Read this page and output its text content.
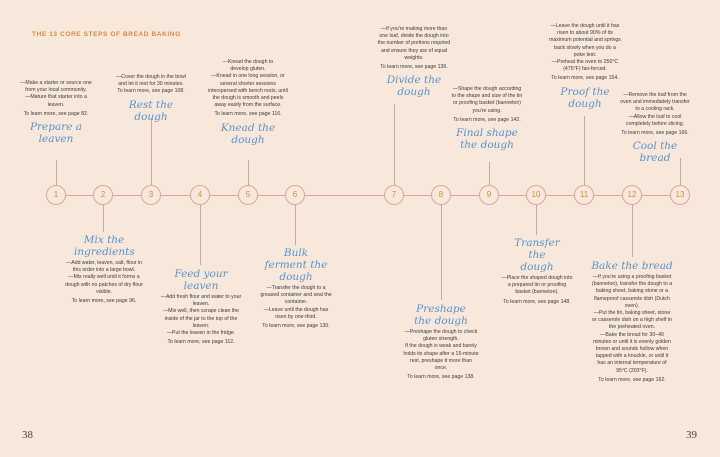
THE 13 CORE STEPS OF BREAD BAKING
1	2	3	4	5	6	7	8	9	10	11	12	13

—Make a starter or source one from your local community.

—Mature that starter into a leaven.

To learn more, see page 82.

Prepare a leaven

—Cover the dough in the bowl and let it rest for 30 minutes.

To learn more, see page 108.

Rest the dough

—Knead the dough to develop gluten.

—Knead in one long session, or several shorter sessions interspersed with bench rests, until the dough is smooth and peels away easily from the surface.

To learn more, see page 116.

Knead the dough

—If you're making more than one loaf, divide the dough into the number of portions required and ensure they are of equal weights.

To learn more, see page 136.

Divide the dough	—Shape the dough according to the shape and size of the tin or proofing basket (banneton) you're using.

To learn more, see page 142.

Final shape the dough

—Leave the dough until it has risen to about 90% of its maximum potential and springs back slowly when you do a poke test.

—Preheat the oven to 250°C (475°F) fan-forced.

To learn more, see page 154.

Proof the dough

—Remove the loaf from the oven and immediately transfer to a cooling rack.

—Allow the loaf to cool completely before slicing.

To learn more, see page 166.

Cool the bread
Mix the ingredients

—Add water, leaven, salt, flour in this order into a large bowl.

—Mix really well until it forms a dough with no patches of dry flour visible.

To learn more, see page 96.

Feed your leaven

—Add fresh flour and water to your leaven.

—Mix well, then scrape clean the inside of the jar to the top of the leaven.

—Put the leaven in the fridge.

To learn more, see page 112.

Bulk ferment the dough

—Transfer the dough to a greased container and seal the container.

—Leave until the dough has risen by one-third.

To learn more, see page 130.

Preshape the dough

—Preshape the dough to check gluten strength.

If the dough is weak and barely holds its shape after a 15-minute rest, preshape it more than once.

To learn more, see page 138.

Transfer the dough

—Place the shaped dough into a prepared tin or proofing basket (banneton).

To learn more, see page 148.

Bake the bread

—If you're using a proofing basket (banneton), transfer the dough to a baking sheet, baking stone or a flameproof casserole dish (Dutch oven).

—Put the tin, baking sheet, stone or casserole dish on a high shelf in the preheated oven.

—Bake the bread for 30–40 minutes or until it is evenly golden brown and sounds hollow when tapped with a knuckle, or until it has an internal temperature of 95°C (203°F).

To learn more, see page 162.

38	39
